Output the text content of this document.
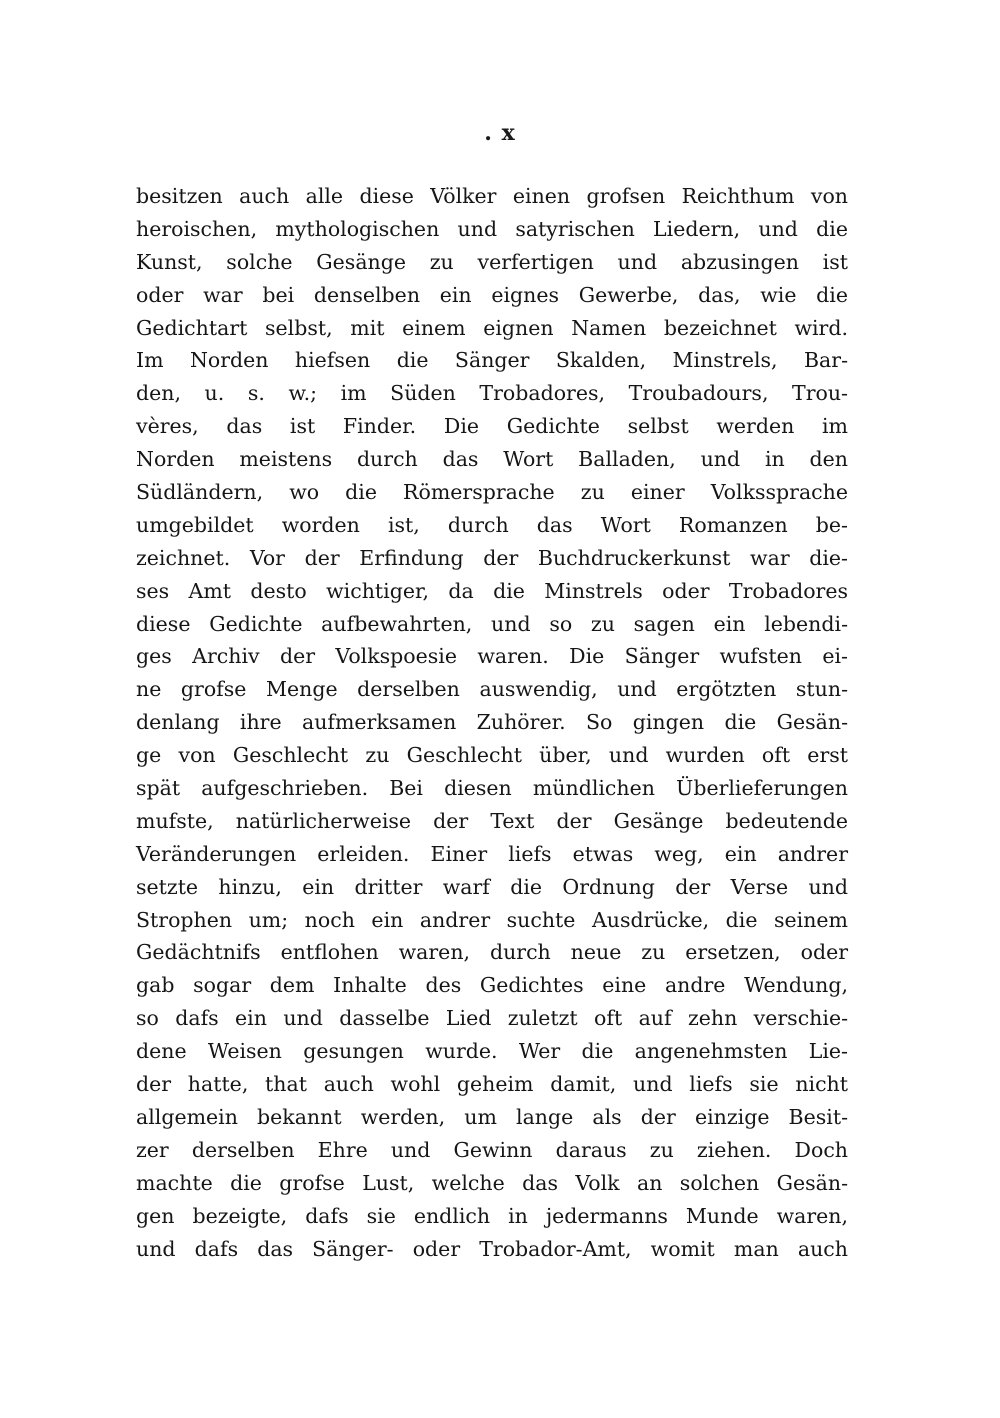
. x
besitzen auch alle diese Völker einen grofsen Reichthum von
heroischen, mythologischen und satyrischen Liedern, und die
Kunst, solche Gesänge zu verfertigen und abzusingen ist
oder war bei denselben ein eignes Gewerbe, das, wie die
Gedichtart selbst, mit einem eignen Namen bezeichnet wird.
Im Norden hiefsen die Sänger Skalden, Minstrels, Bar-
den, u. s. w.; im Süden Trobadores, Troubadours, Trou-
vères, das ist Finder. Die Gedichte selbst werden im
Norden meistens durch das Wort Balladen, und in den
Südländern, wo die Römersprache zu einer Volkssprache
umgebildet worden ist, durch das Wort Romanzen be-
zeichnet. Vor der Erfindung der Buchdruckerkunst war die-
ses Amt desto wichtiger, da die Minstrels oder Trobadores
diese Gedichte aufbewahrten, und so zu sagen ein lebendi-
ges Archiv der Volkspoesie waren. Die Sänger wufsten ei-
ne grofse Menge derselben auswendig, und ergötzten stun-
denlang ihre aufmerksamen Zuhörer. So gingen die Gesän-
ge von Geschlecht zu Geschlecht über, und wurden oft erst
spät aufgeschrieben. Bei diesen mündlichen Überlieferungen
mufste, natürlicherweise der Text der Gesänge bedeutende
Veränderungen erleiden. Einer liefs etwas weg, ein andrer
setzte hinzu, ein dritter warf die Ordnung der Verse und
Strophen um; noch ein andrer suchte Ausdrücke, die seinem
Gedächtnifs entflohen waren, durch neue zu ersetzen, oder
gab sogar dem Inhalte des Gedichtes eine andre Wendung,
so dafs ein und dasselbe Lied zuletzt oft auf zehn verschie-
dene Weisen gesungen wurde. Wer die angenehmsten Lie-
der hatte, that auch wohl geheim damit, und liefs sie nicht
allgemein bekannt werden, um lange als der einzige Besit-
zer derselben Ehre und Gewinn daraus zu ziehen. Doch
machte die grofse Lust, welche das Volk an solchen Gesän-
gen bezeigte, dafs sie endlich in jedermanns Munde waren,
und dafs das Sänger- oder Trobador-Amt, womit man auch
